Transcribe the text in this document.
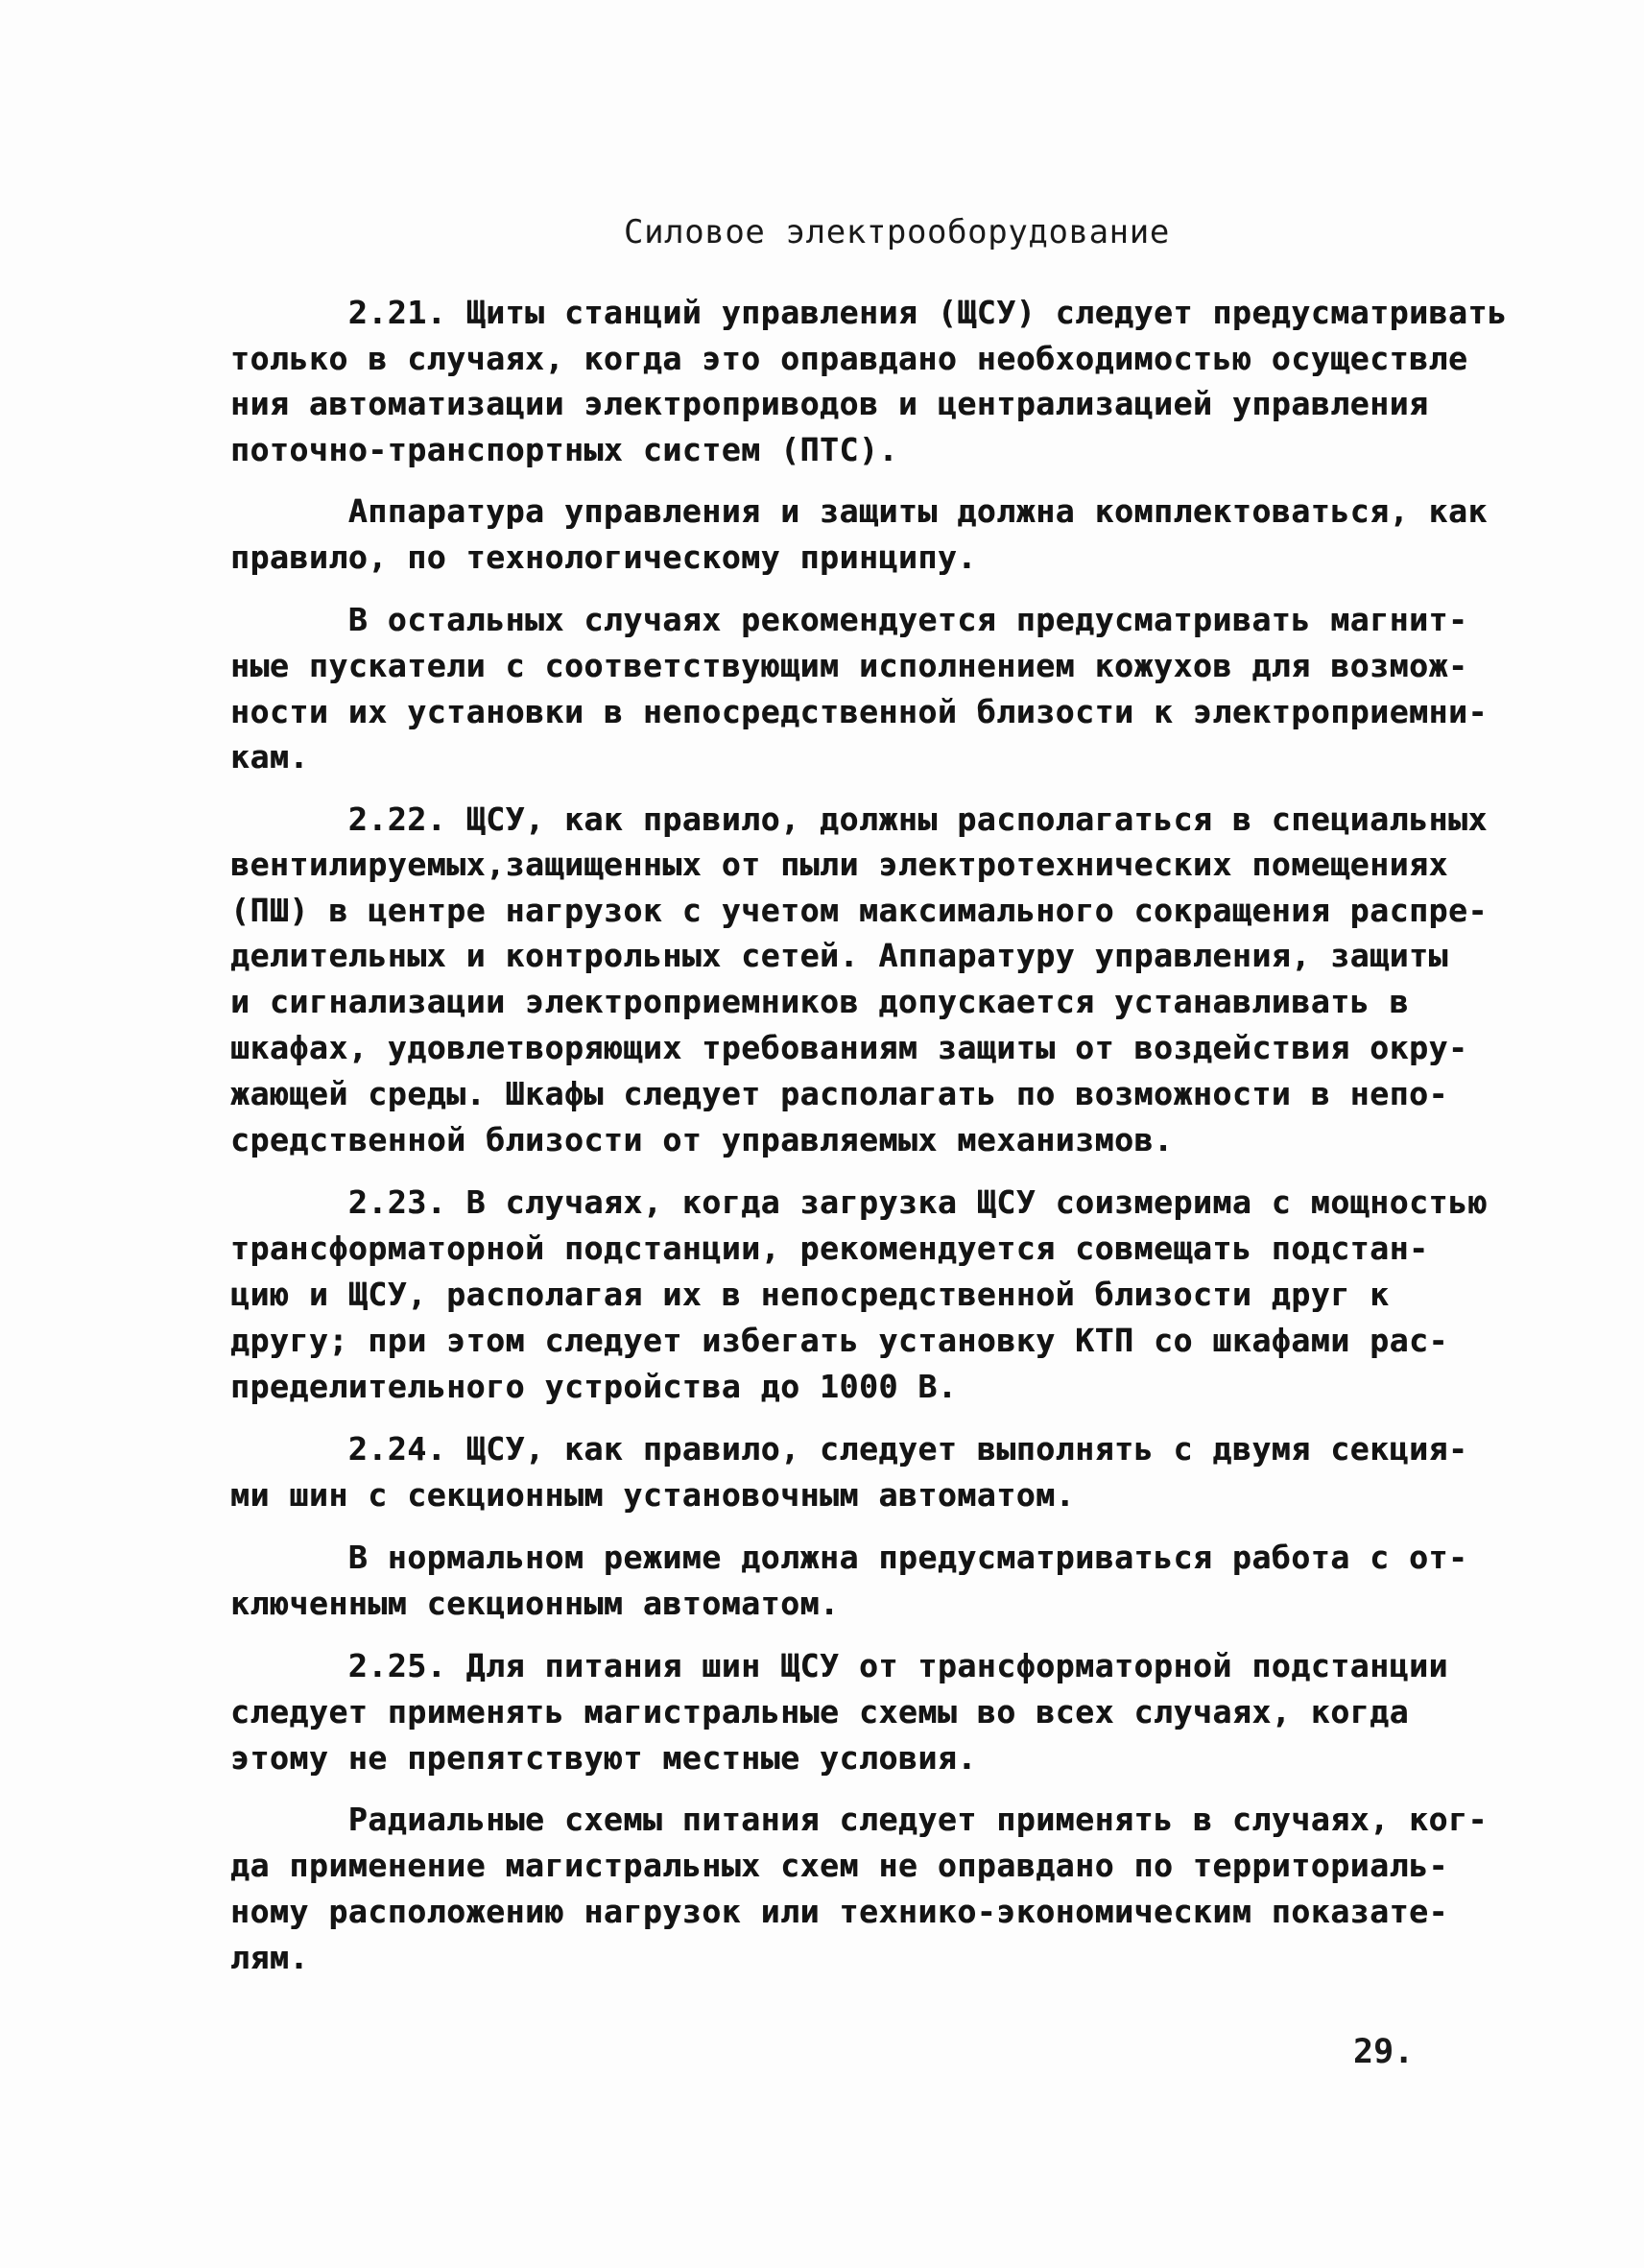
Силовое электрооборудование

2.21. Щиты станций управления (ЩСУ) следует предусматривать

только в случаях, когда это оправдано необходимостью осуществле

ния автоматизации электроприводов и централизацией управления

поточно-транспортных систем (ПТС).

Аппаратура управления и защиты должна комплектоваться, как

правило, по технологическому принципу.

В остальных случаях рекомендуется предусматривать магнит-

ные пускатели с соответствующим исполнением кожухов для возмож-

ности их установки в непосредственной близости к электроприемни-

кам.

2.22. ЩСУ, как правило, должны располагаться в специальных

вентилируемых,защищенных от пыли электротехнических помещениях

(ПШ) в центре нагрузок с учетом максимального сокращения распре-

делительных и контрольных сетей. Аппаратуру управления, защиты

и сигнализации электроприемников допускается устанавливать в

шкафах, удовлетворяющих требованиям защиты от воздействия окру-

жающей среды. Шкафы следует располагать по возможности в непо-

средственной близости от управляемых механизмов.

2.23. В случаях, когда загрузка ЩСУ соизмерима с мощностью

трансформаторной подстанции, рекомендуется совмещать подстан-

цию и ЩСУ, располагая их в непосредственной близости друг к

другу; при этом следует избегать установку КТП со шкафами рас-

пределительного устройства до 1000 В.

2.24. ЩСУ, как правило, следует выполнять с двумя секция-

ми шин с секционным установочным автоматом.

В нормальном режиме должна предусматриваться работа с от-

ключенным секционным автоматом.

2.25. Для питания шин ЩСУ от трансформаторной подстанции

следует применять магистральные схемы во всех случаях, когда

этому не препятствуют местные условия.

Радиальные схемы питания следует применять в случаях, ког-

да применение магистральных схем не оправдано по территориаль-

ному расположению нагрузок или технико-экономическим показате-

лям.

29.
